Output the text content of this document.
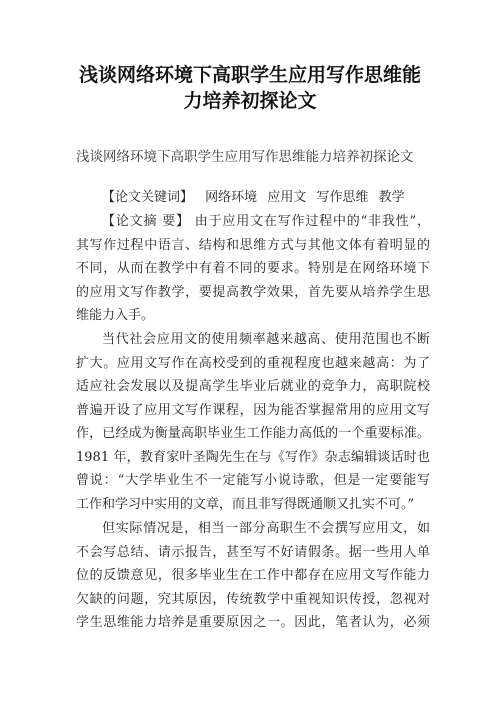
浅谈网络环境下高职学生应用写作思维能
力培养初探论文
浅谈网络环境下高职学生应用写作思维能力培养初探论文
【论文关键词】 网络环境 应用文 写作思维 教学
【论文摘 要】 由于应用文在写作过程中的“非我性”，
其写作过程中语言、结构和思维方式与其他文体有着明显的
不同，从而在教学中有着不同的要求。特别是在网络环境下
的应用文写作教学，要提高教学效果，首先要从培养学生思
维能力入手。
当代社会应用文的使用频率越来越高、使用范围也不断
扩大。应用文写作在高校受到的重视程度也越来越高：为了
适应社会发展以及提高学生毕业后就业的竞争力，高职院校
普遍开设了应用文写作课程，因为能否掌握常用的应用文写
作，已经成为衡量高职毕业生工作能力高低的一个重要标准。
1981 年，教育家叶圣陶先生在与《写作》杂志编辑谈话时也
曾说：“大学毕业生不一定能写小说诗歌，但是一定要能写
工作和学习中实用的文章，而且非写得既通顺又扎实不可。”
但实际情况是，相当一部分高职生不会撰写应用文，如
不会写总结、请示报告，甚至写不好请假条。据一些用人单
位的反馈意见，很多毕业生在工作中都存在应用文写作能力
欠缺的问题，究其原因，传统教学中重视知识传授，忽视对
学生思维能力培养是重要原因之一。因此，笔者认为，必须
